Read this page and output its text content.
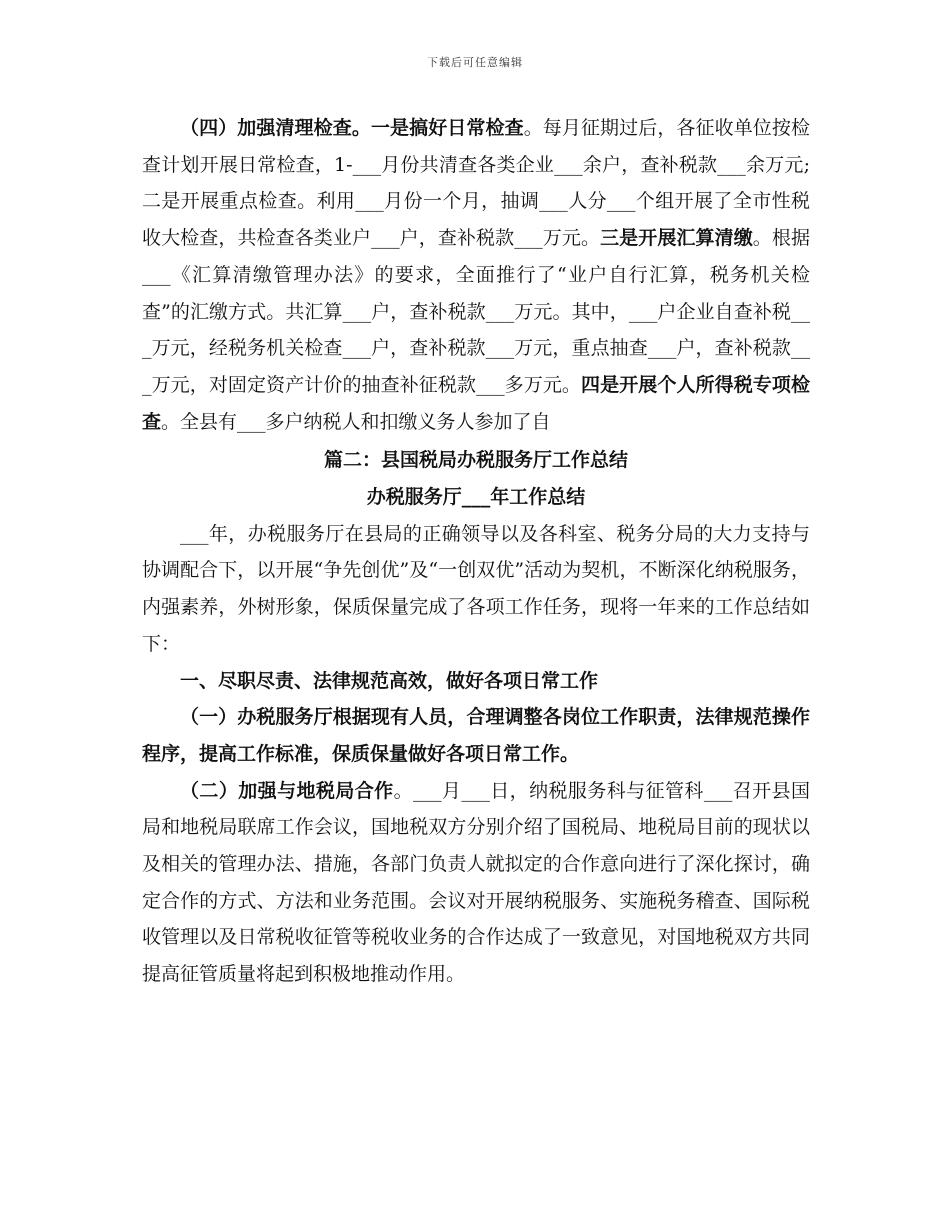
下载后可任意编辑

（四）加强清理检查。一是搞好日常检查。每月征期过后，各征收单位按检查计划开展日常检查，1-___月份共清查各类企业___余户，查补税款___余万元;二是开展重点检查。利用___月份一个月，抽调___人分___个组开展了全市性税收大检查，共检查各类业户___户，查补税款___万元。三是开展汇算清缴。根据___《汇算清缴管理办法》的要求，全面推行了“业户自行汇算，税务机关检查”的汇缴方式。共汇算___户，查补税款___万元。其中，___户企业自查补税___万元，经税务机关检查___户，查补税款___万元，重点抽查___户，查补税款___万元，对固定资产计价的抽查补征税款___多万元。四是开展个人所得税专项检查。全县有___多户纳税人和扣缴义务人参加了自

篇二：县国税局办税服务厅工作总结

办税服务厅___年工作总结

___年，办税服务厅在县局的正确领导以及各科室、税务分局的大力支持与协调配合下，以开展“争先创优”及“一创双优”活动为契机，不断深化纳税服务，内强素养，外树形象，保质保量完成了各项工作任务，现将一年来的工作总结如下：

一、尽职尽责、法律规范高效，做好各项日常工作

（一）办税服务厅根据现有人员，合理调整各岗位工作职责，法律规范操作程序，提高工作标准，保质保量做好各项日常工作。

（二）加强与地税局合作。___月___日，纳税服务科与征管科___召开县国局和地税局联席工作会议，国地税双方分别介绍了国税局、地税局目前的现状以及相关的管理办法、措施，各部门负责人就拟定的合作意向进行了深化探讨，确定合作的方式、方法和业务范围。会议对开展纳税服务、实施税务稽查、国际税收管理以及日常税收征管等税收业务的合作达成了一致意见，对国地税双方共同提高征管质量将起到积极地推动作用。
